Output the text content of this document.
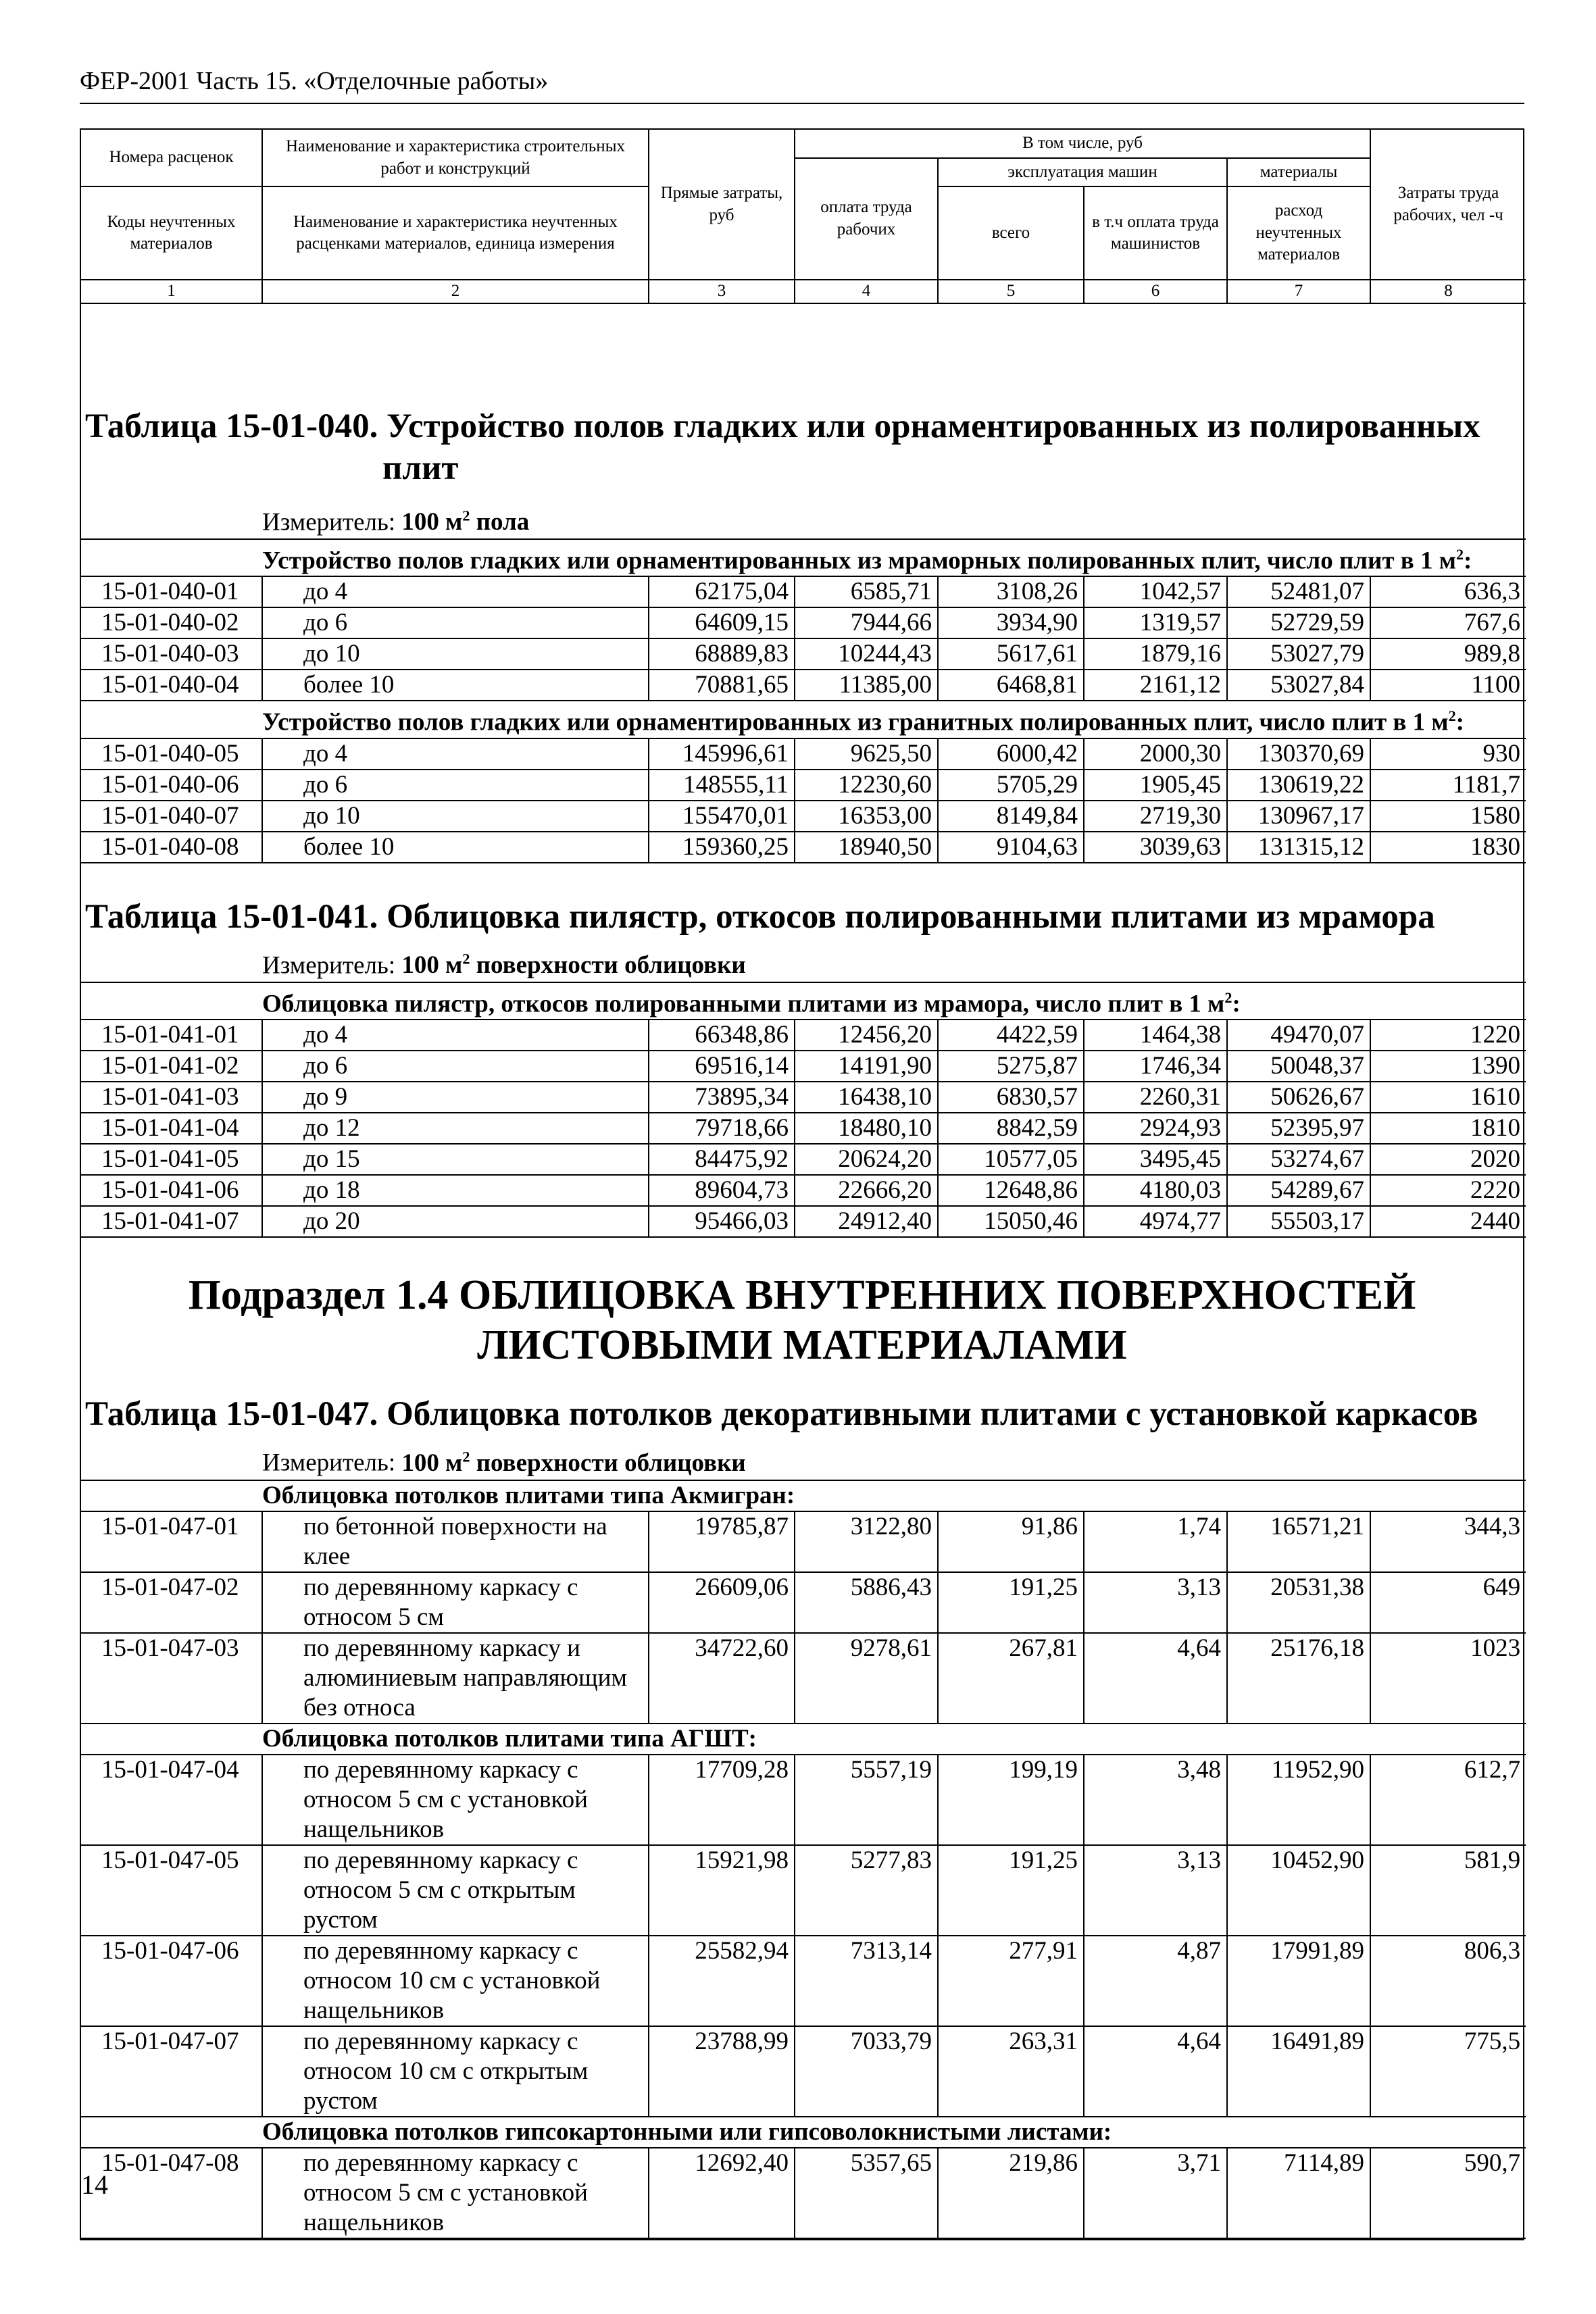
ФЕР-2001 Часть 15. «Отделочные работы»
Номера расценок	Наименование и характеристика строительных работ и конструкций	Прямые затраты, руб	В том числе, руб				Затраты труда рабочих, чел -ч
			оплата труда рабочих	эксплуатация машин		материалы	
Коды неучтенных материалов	Наименование и характеристика неучтенных расценками материалов, единица измерения			всего	в т.ч оплата труда машинистов	расход неучтенных материалов	

1	2	3	4	5	6	7	8
Таблица 15-01-040. Устройство полов гладких или орнаментированных из полированных
плит
Измеритель: 100 $м^2$ пола
Устройство полов гладких или орнаментированных из мраморных полированных плит, число плит в 1 $м^2$:							
15-01-040-01	до 4	62175,04	6585,71	3108,26	1042,57	52481,07	636,3
15-01-040-02	до 6	64609,15	7944,66	3934,90	1319,57	52729,59	767,6
15-01-040-03	до 10	68889,83	10244,43	5617,61	1879,16	53027,79	989,8
15-01-040-04	более 10	70881,65	11385,00	6468,81	2161,12	53027,84	1100
Устройство полов гладких или орнаментированных из гранитных полированных плит, число плит в 1 $м^2$:							
15-01-040-05	до 4	145996,61	9625,50	6000,42	2000,30	130370,69	930
15-01-040-06	до 6	148555,11	12230,60	5705,29	1905,45	130619,22	1181,7
15-01-040-07	до 10	155470,01	16353,00	8149,84	2719,30	130967,17	1580
15-01-040-08	более 10	159360,25	18940,50	9104,63	3039,63	131315,12	1830
Таблица 15-01-041. Облицовка пилястр, откосов полированными плитами из мрамора
Измеритель: 100 $м^2$ поверхности облицовки
Облицовка пилястр, откосов полированными плитами из мрамора, число плит в 1 $м^2$:							
15-01-041-01	до 4	66348,86	12456,20	4422,59	1464,38	49470,07	1220
15-01-041-02	до 6	69516,14	14191,90	5275,87	1746,34	50048,37	1390
15-01-041-03	до 9	73895,34	16438,10	6830,57	2260,31	50626,67	1610
15-01-041-04	до 12	79718,66	18480,10	8842,59	2924,93	52395,97	1810
15-01-041-05	до 15	84475,92	20624,20	10577,05	3495,45	53274,67	2020
15-01-041-06	до 18	89604,73	22666,20	12648,86	4180,03	54289,67	2220
15-01-041-07	до 20	95466,03	24912,40	15050,46	4974,77	55503,17	2440
Подраздел 1.4 ОБЛИЦОВКА ВНУТРЕННИХ ПОВЕРХНОСТЕЙ
ЛИСТОВЫМИ МАТЕРИАЛАМИ
Таблица 15-01-047. Облицовка потолков декоративными плитами с установкой каркасов
Измеритель: 100 $м^2$ поверхности облицовки
Облицовка потолков плитами типа Акмигран:							
15-01-047-01	по бетонной поверхности на клее	19785,87	3122,80	91,86	1,74	16571,21	344,3
15-01-047-02	по деревянному каркасу с относом 5 см	26609,06	5886,43	191,25	3,13	20531,38	649
15-01-047-03	по деревянному каркасу и алюминиевым направляющим без относа	34722,60	9278,61	267,81	4,64	25176,18	1023
Облицовка потолков плитами типа АГШТ:							
15-01-047-04	по деревянному каркасу с относом 5 см с установкой нащельников	17709,28	5557,19	199,19	3,48	11952,90	612,7
15-01-047-05	по деревянному каркасу с относом 5 см с открытым рустом	15921,98	5277,83	191,25	3,13	10452,90	581,9
15-01-047-06	по деревянному каркасу с относом 10 см с установкой нащельников	25582,94	7313,14	277,91	4,87	17991,89	806,3
15-01-047-07	по деревянному каркасу с относом 10 см с открытым рустом	23788,99	7033,79	263,31	4,64	16491,89	775,5
Облицовка потолков гипсокартонными или гипсоволокнистыми листами:							
15-01-047-08	по деревянному каркасу с относом 5 см с установкой нащельников	12692,40	5357,65	219,86	3,71	7114,89	590,7
14
